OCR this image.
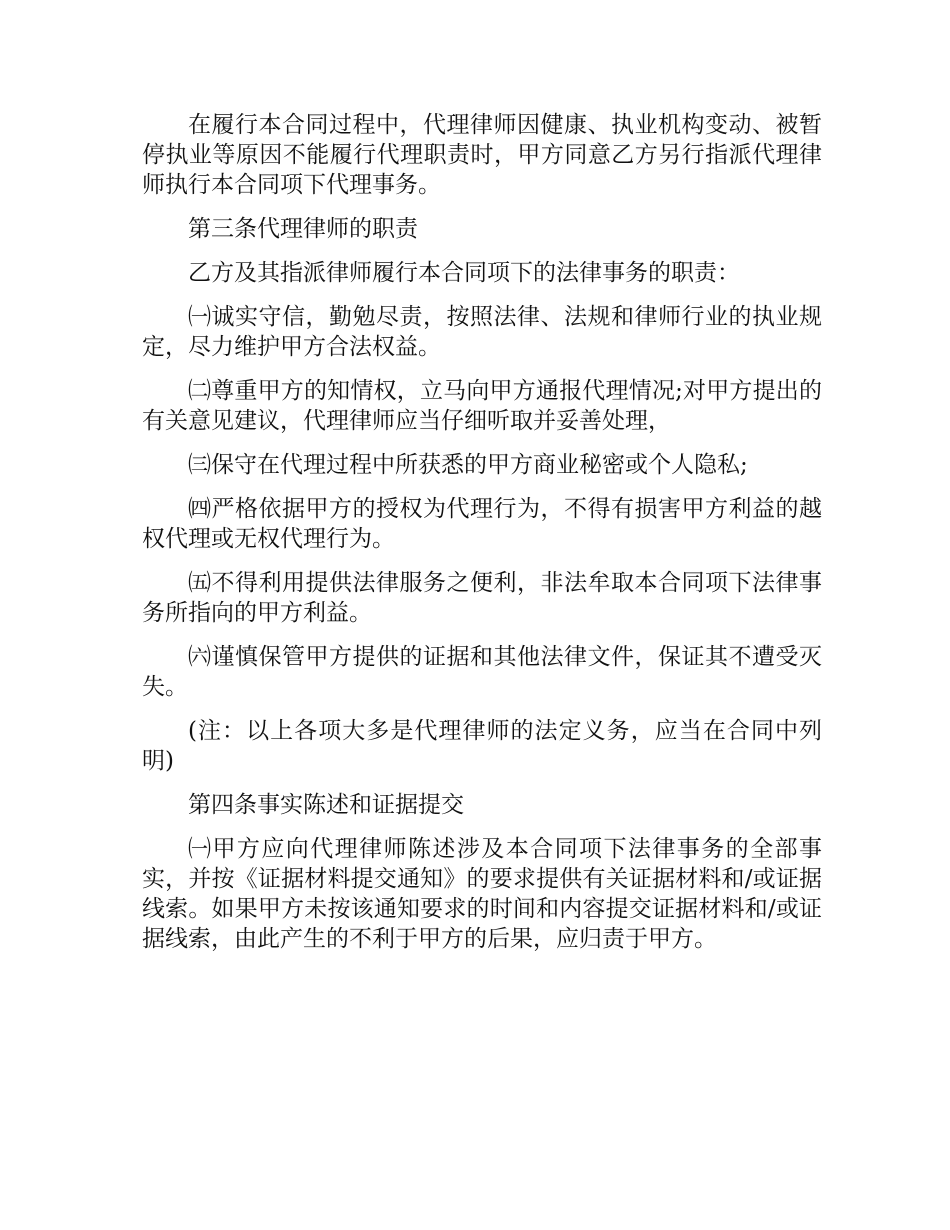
在履行本合同过程中，代理律师因健康、执业机构变动、被暂停执业等原因不能履行代理职责时，甲方同意乙方另行指派代理律师执行本合同项下代理事务。

第三条代理律师的职责

乙方及其指派律师履行本合同项下的法律事务的职责：

㈠诚实守信，勤勉尽责，按照法律、法规和律师行业的执业规定，尽力维护甲方合法权益。

㈡尊重甲方的知情权，立马向甲方通报代理情况;对甲方提出的有关意见建议，代理律师应当仔细听取并妥善处理，

㈢保守在代理过程中所获悉的甲方商业秘密或个人隐私;

㈣严格依据甲方的授权为代理行为，不得有损害甲方利益的越权代理或无权代理行为。

㈤不得利用提供法律服务之便利，非法牟取本合同项下法律事务所指向的甲方利益。

㈥谨慎保管甲方提供的证据和其他法律文件，保证其不遭受灭失。

(注：以上各项大多是代理律师的法定义务，应当在合同中列明)

第四条事实陈述和证据提交

㈠甲方应向代理律师陈述涉及本合同项下法律事务的全部事实，并按《证据材料提交通知》的要求提供有关证据材料和/或证据线索。如果甲方未按该通知要求的时间和内容提交证据材料和/或证据线索，由此产生的不利于甲方的后果，应归责于甲方。
